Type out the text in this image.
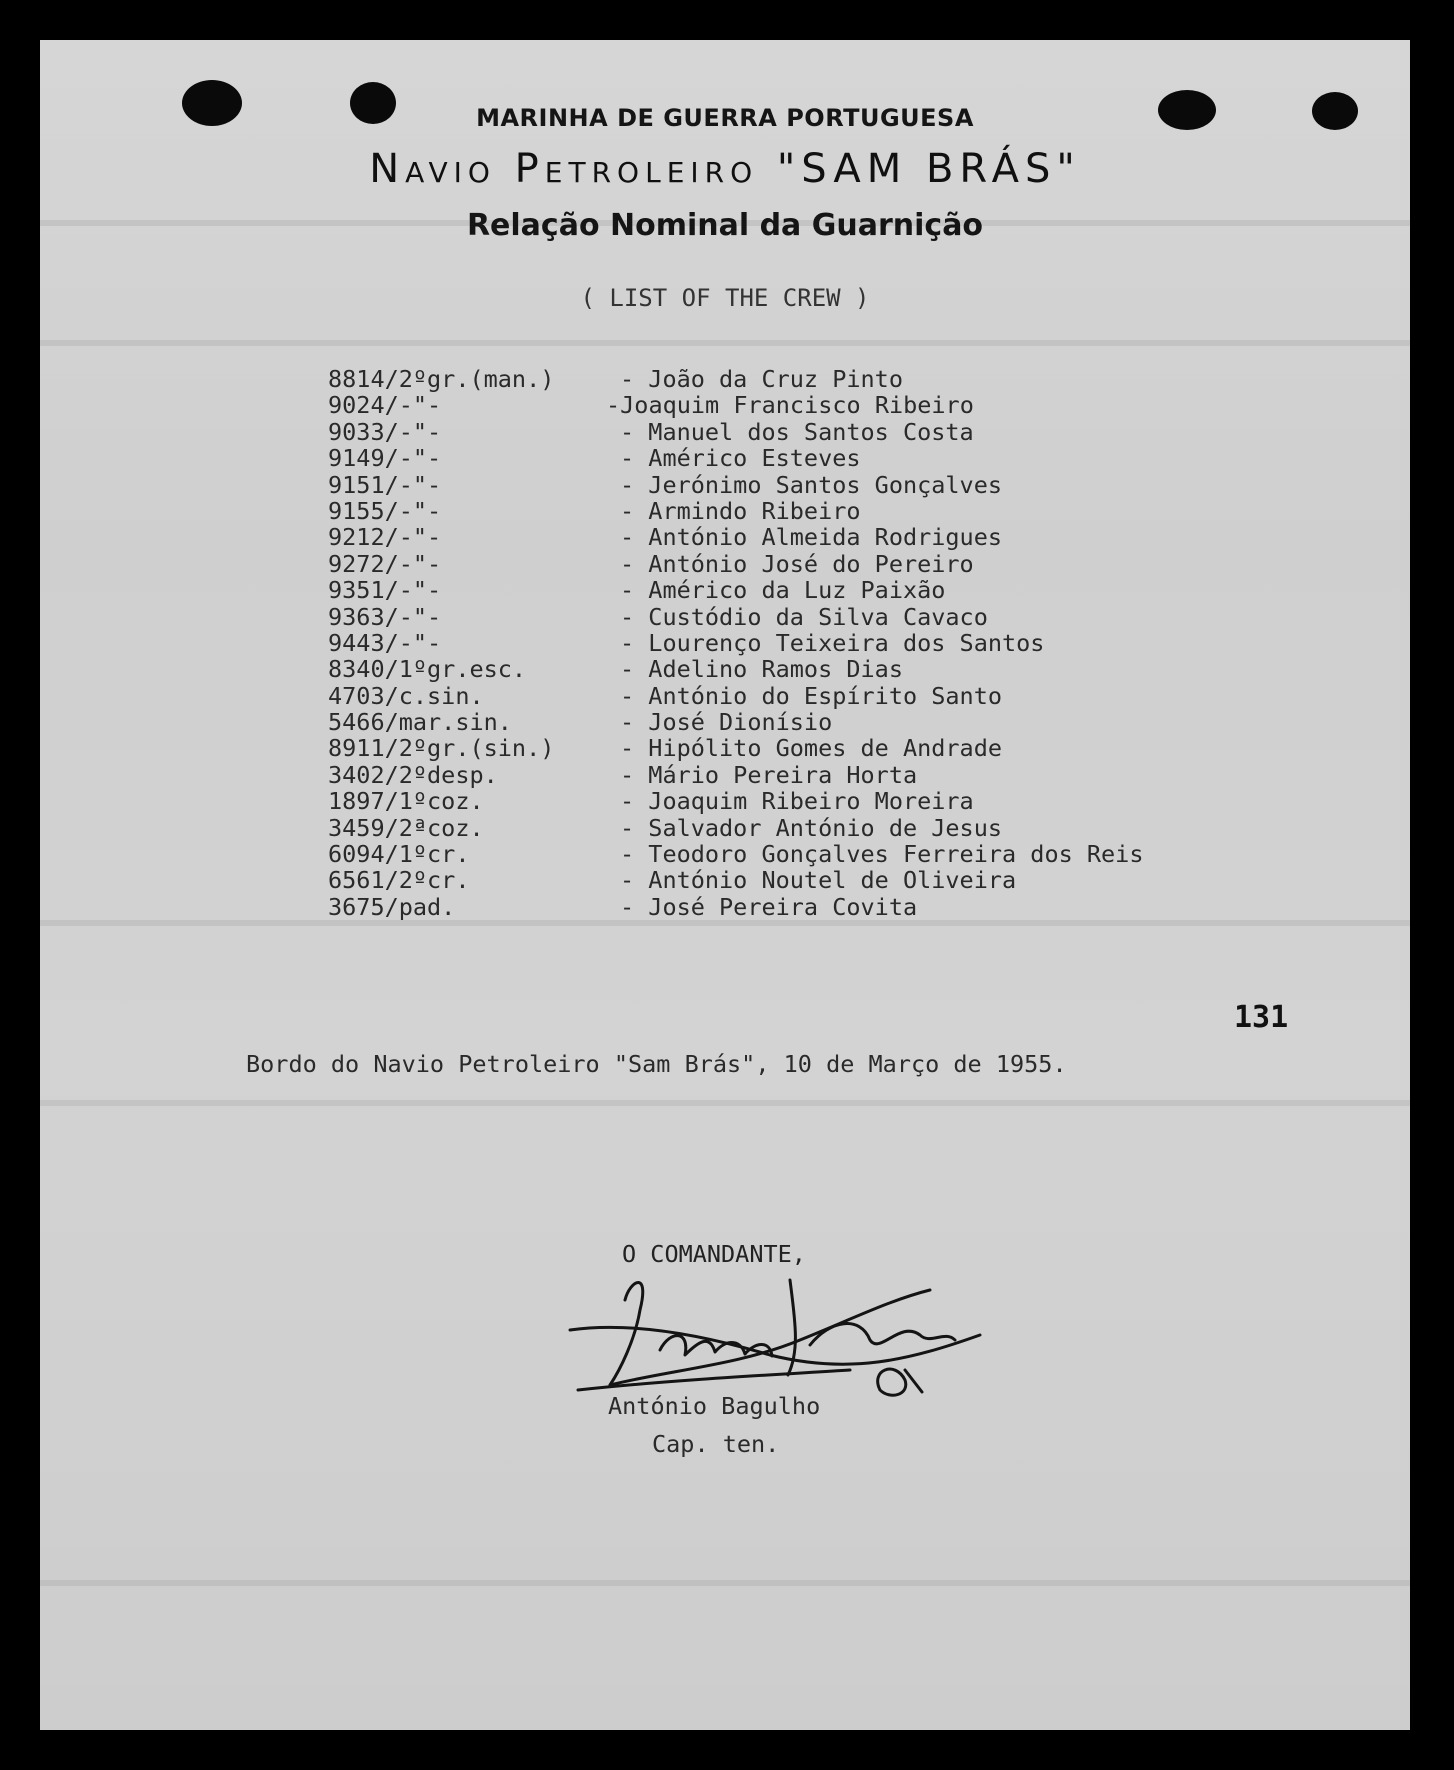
MARINHA DE GUERRA PORTUGUESA
Navio Petroleiro "SAM BRÁS"
Relação Nominal da Guarnição
( LIST OF THE CREW )
8814/2ºgr.(man.)	- João da Cruz Pinto
9024/-"-	-Joaquim Francisco Ribeiro
9033/-"-	- Manuel dos Santos Costa
9149/-"-	- Américo Esteves
9151/-"-	- Jerónimo Santos Gonçalves
9155/-"-	- Armindo Ribeiro
9212/-"-	- António Almeida Rodrigues
9272/-"-	- António José do Pereiro
9351/-"-	- Américo da Luz Paixão
9363/-"-	- Custódio da Silva Cavaco
9443/-"-	- Lourenço Teixeira dos Santos
8340/1ºgr.esc.	- Adelino Ramos Dias
4703/c.sin.	- António do Espírito Santo
5466/mar.sin.	- José Dionísio
8911/2ºgr.(sin.)	- Hipólito Gomes de Andrade
3402/2ºdesp.	- Mário Pereira Horta
1897/1ºcoz.	- Joaquim Ribeiro Moreira
3459/2ªcoz.	- Salvador António de Jesus
6094/1ºcr.	- Teodoro Gonçalves Ferreira dos Reis
6561/2ºcr.	- António Noutel de Oliveira
3675/pad.	- José Pereira Covita
131
Bordo do Navio Petroleiro "Sam Brás", 10 de Março de 1955.
O COMANDANTE,
António Bagulho
Cap. ten.
